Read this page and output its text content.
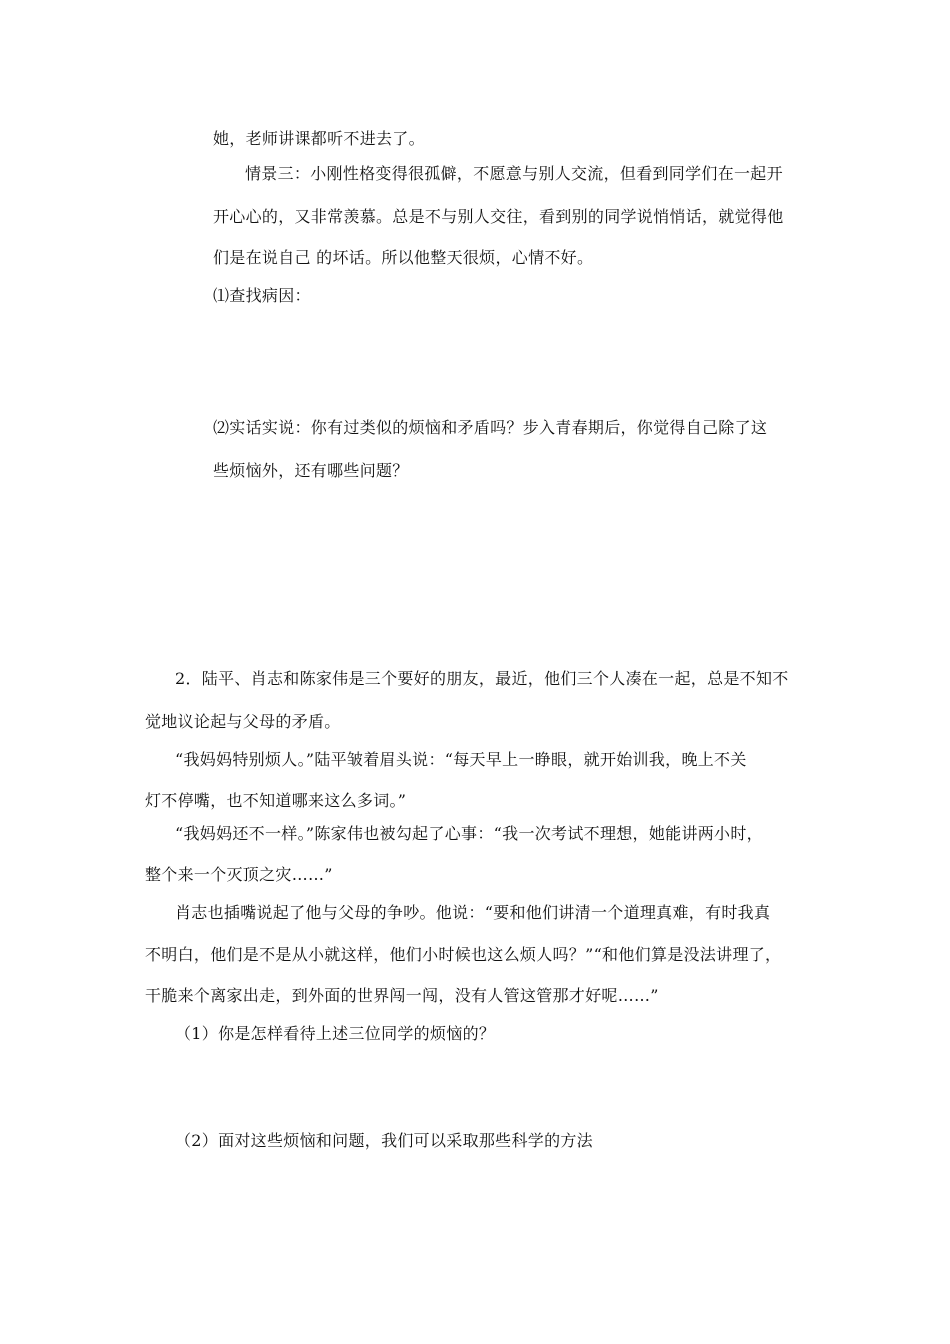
她，老师讲课都听不进去了。
情景三：小刚性格变得很孤僻，不愿意与别人交流，但看到同学们在一起开
开心心的，又非常羡慕。总是不与别人交往，看到别的同学说悄悄话，就觉得他
们是在说自己 的坏话。所以他整天很烦，心情不好。
⑴查找病因：
⑵实话实说：你有过类似的烦恼和矛盾吗？步入青春期后，你觉得自己除了这
些烦恼外，还有哪些问题？
2．陆平、肖志和陈家伟是三个要好的朋友，最近，他们三个人凑在一起，总是不知不
觉地议论起与父母的矛盾。
“我妈妈特别烦人。”陆平皱着眉头说：“每天早上一睁眼，就开始训我，晚上不关
灯不停嘴，也不知道哪来这么多词。”
“我妈妈还不一样。”陈家伟也被勾起了心事：“我一次考试不理想，她能讲两小时，
整个来一个灭顶之灾……”
肖志也插嘴说起了他与父母的争吵。他说：“要和他们讲清一个道理真难，有时我真
不明白，他们是不是从小就这样，他们小时候也这么烦人吗？”“和他们算是没法讲理了，
干脆来个离家出走，到外面的世界闯一闯，没有人管这管那才好呢……”
（1）你是怎样看待上述三位同学的烦恼的？
（2）面对这些烦恼和问题，我们可以采取那些科学的方法
